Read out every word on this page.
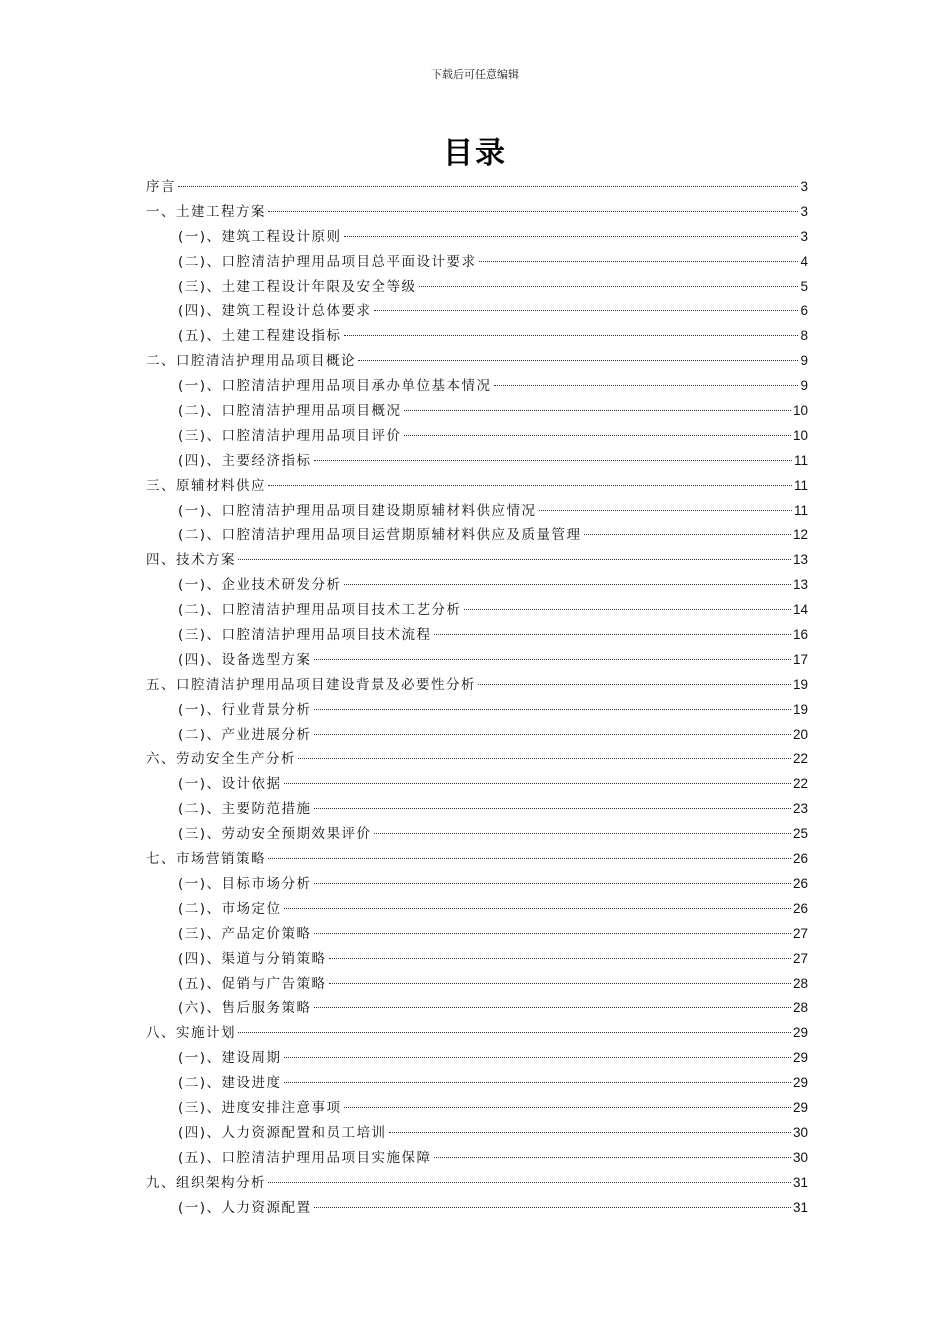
下载后可任意编辑
目录
序言	3
一、土建工程方案	3
(一)、建筑工程设计原则	3
(二)、口腔清洁护理用品项目总平面设计要求	4
(三)、土建工程设计年限及安全等级	5
(四)、建筑工程设计总体要求	6
(五)、土建工程建设指标	8
二、口腔清洁护理用品项目概论	9
(一)、口腔清洁护理用品项目承办单位基本情况	9
(二)、口腔清洁护理用品项目概况	10
(三)、口腔清洁护理用品项目评价	10
(四)、主要经济指标	11
三、原辅材料供应	11
(一)、口腔清洁护理用品项目建设期原辅材料供应情况	11
(二)、口腔清洁护理用品项目运营期原辅材料供应及质量管理	12
四、技术方案	13
(一)、企业技术研发分析	13
(二)、口腔清洁护理用品项目技术工艺分析	14
(三)、口腔清洁护理用品项目技术流程	16
(四)、设备选型方案	17
五、口腔清洁护理用品项目建设背景及必要性分析	19
(一)、行业背景分析	19
(二)、产业进展分析	20
六、劳动安全生产分析	22
(一)、设计依据	22
(二)、主要防范措施	23
(三)、劳动安全预期效果评价	25
七、市场营销策略	26
(一)、目标市场分析	26
(二)、市场定位	26
(三)、产品定价策略	27
(四)、渠道与分销策略	27
(五)、促销与广告策略	28
(六)、售后服务策略	28
八、实施计划	29
(一)、建设周期	29
(二)、建设进度	29
(三)、进度安排注意事项	29
(四)、人力资源配置和员工培训	30
(五)、口腔清洁护理用品项目实施保障	30
九、组织架构分析	31
(一)、人力资源配置	31
